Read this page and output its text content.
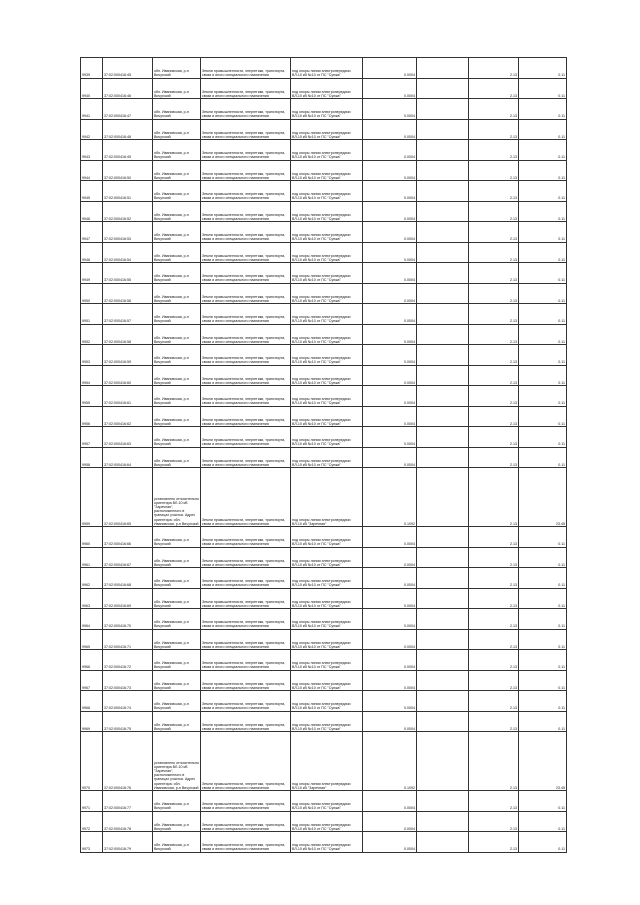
9939	37:02:000416:45	обл. Ивановская, р-н Вичугский	Земли промышленности, энергетики, транспорта, связи и иного специального назначения	под опоры линии электропередачи ВЛ-10 кВ №10 от ПС "Сунжа"	0.0004		2.13	0.11
9940	37:02:000416:46	обл. Ивановская, р-н Вичугский	Земли промышленности, энергетики, транспорта, связи и иного специального назначения	под опоры линии электропередачи ВЛ-10 кВ №10 от ПС "Сунжа"	0.0004		2.13	0.11
9941	37:02:000416:47	обл. Ивановская, р-н Вичугский	Земли промышленности, энергетики, транспорта, связи и иного специального назначения	под опоры линии электропередачи ВЛ-10 кВ №10 от ПС "Сунжа"	0.0004		2.13	0.11
9942	37:02:000416:48	обл. Ивановская, р-н Вичугский	Земли промышленности, энергетики, транспорта, связи и иного специального назначения	под опоры линии электропередачи ВЛ-10 кВ №10 от ПС "Сунжа"	0.0004		2.13	0.11
9943	37:02:000416:49	обл. Ивановская, р-н Вичугский	Земли промышленности, энергетики, транспорта, связи и иного специального назначения	под опоры линии электропередачи ВЛ-10 кВ №10 от ПС "Сунжа"	0.0004		2.13	0.11
9944	37:02:000416:50	обл. Ивановская, р-н Вичугский	Земли промышленности, энергетики, транспорта, связи и иного специального назначения	под опоры линии электропередачи ВЛ-10 кВ №10 от ПС "Сунжа"	0.0004		2.13	0.11
9945	37:02:000416:51	обл. Ивановская, р-н Вичугский	Земли промышленности, энергетики, транспорта, связи и иного специального назначения	под опоры линии электропередачи ВЛ-10 кВ №10 от ПС "Сунжа"	0.0004		2.13	0.11
9946	37:02:000416:52	обл. Ивановская, р-н Вичугский	Земли промышленности, энергетики, транспорта, связи и иного специального назначения	под опоры линии электропередачи ВЛ-10 кВ №10 от ПС "Сунжа"	0.0004		2.13	0.11
9947	37:02:000416:53	обл. Ивановская, р-н Вичугский	Земли промышленности, энергетики, транспорта, связи и иного специального назначения	под опоры линии электропередачи ВЛ-10 кВ №10 от ПС "Сунжа"	0.0004		2.13	0.11
9948	37:02:000416:54	обл. Ивановская, р-н Вичугский	Земли промышленности, энергетики, транспорта, связи и иного специального назначения	под опоры линии электропередачи ВЛ-10 кВ №10 от ПС "Сунжа"	0.0004		2.13	0.11
9949	37:02:000416:55	обл. Ивановская, р-н Вичугский	Земли промышленности, энергетики, транспорта, связи и иного специального назначения	под опоры линии электропередачи ВЛ-10 кВ №10 от ПС "Сунжа"	0.0004		2.13	0.11
9950	37:02:000416:56	обл. Ивановская, р-н Вичугский	Земли промышленности, энергетики, транспорта, связи и иного специального назначения	под опоры линии электропередачи ВЛ-10 кВ №10 от ПС "Сунжа"	0.0004		2.13	0.11
9951	37:02:000416:57	обл. Ивановская, р-н Вичугский	Земли промышленности, энергетики, транспорта, связи и иного специального назначения	под опоры линии электропередачи ВЛ-10 кВ №10 от ПС "Сунжа"	0.0004		2.13	0.11
9952	37:02:000416:58	обл. Ивановская, р-н Вичугский	Земли промышленности, энергетики, транспорта, связи и иного специального назначения	под опоры линии электропередачи ВЛ-10 кВ №10 от ПС "Сунжа"	0.0004		2.13	0.11
9953	37:02:000416:59	обл. Ивановская, р-н Вичугский	Земли промышленности, энергетики, транспорта, связи и иного специального назначения	под опоры линии электропередачи ВЛ-10 кВ №10 от ПС "Сунжа"	0.0004		2.13	0.11
9954	37:02:000416:60	обл. Ивановская, р-н Вичугский	Земли промышленности, энергетики, транспорта, связи и иного специального назначения	под опоры линии электропередачи ВЛ-10 кВ №10 от ПС "Сунжа"	0.0004		2.13	0.11
9955	37:02:000416:61	обл. Ивановская, р-н Вичугский	Земли промышленности, энергетики, транспорта, связи и иного специального назначения	под опоры линии электропередачи ВЛ-10 кВ №10 от ПС "Сунжа"	0.0004		2.13	0.11
9956	37:02:000416:62	обл. Ивановская, р-н Вичугский	Земли промышленности, энергетики, транспорта, связи и иного специального назначения	под опоры линии электропередачи ВЛ-10 кВ №10 от ПС "Сунжа"	0.0004		2.13	0.11
9957	37:02:000416:63	обл. Ивановская, р-н Вичугский	Земли промышленности, энергетики, транспорта, связи и иного специального назначения	под опоры линии электропередачи ВЛ-10 кВ №10 от ПС "Сунжа"	0.0004		2.13	0.11
9958	37:02:000416:64	обл. Ивановская, р-н Вичугский	Земли промышленности, энергетики, транспорта, связи и иного специального назначения	под опоры линии электропередачи ВЛ-10 кВ №10 от ПС "Сунжа"	0.0004		2.13	0.11
9959	37:02:000416:65	установлено относительно ориентира ВЛ-10 кВ "Заречная", расположенного в границах участка. Адрес ориентира: обл. Ивановская, р-н Вичугский	Земли промышленности, энергетики, транспорта, связи и иного специального назначения	под опоры линии электропередачи ВЛ-10 кВ "Заречная"	0.1092		2.13	23.45
9960	37:02:000416:66	обл. Ивановская, р-н Вичугский	Земли промышленности, энергетики, транспорта, связи и иного специального назначения	под опоры линии электропередачи ВЛ-10 кВ №10 от ПС "Сунжа"	0.0004		2.13	0.11
9961	37:02:000416:67	обл. Ивановская, р-н Вичугский	Земли промышленности, энергетики, транспорта, связи и иного специального назначения	под опоры линии электропередачи ВЛ-10 кВ №10 от ПС "Сунжа"	0.0004		2.13	0.11
9962	37:02:000416:68	обл. Ивановская, р-н Вичугский	Земли промышленности, энергетики, транспорта, связи и иного специального назначения	под опоры линии электропередачи ВЛ-10 кВ №10 от ПС "Сунжа"	0.0004		2.13	0.11
9963	37:02:000416:69	обл. Ивановская, р-н Вичугский	Земли промышленности, энергетики, транспорта, связи и иного специального назначения	под опоры линии электропередачи ВЛ-10 кВ №10 от ПС "Сунжа"	0.0004		2.13	0.11
9964	37:02:000416:70	обл. Ивановская, р-н Вичугский	Земли промышленности, энергетики, транспорта, связи и иного специального назначения	под опоры линии электропередачи ВЛ-10 кВ №10 от ПС "Сунжа"	0.0004		2.13	0.11
9965	37:02:000416:71	обл. Ивановская, р-н Вичугский	Земли промышленности, энергетики, транспорта, связи и иного специального назначения	под опоры линии электропередачи ВЛ-10 кВ №10 от ПС "Сунжа"	0.0004		2.13	0.11
9966	37:02:000416:72	обл. Ивановская, р-н Вичугский	Земли промышленности, энергетики, транспорта, связи и иного специального назначения	под опоры линии электропередачи ВЛ-10 кВ №10 от ПС "Сунжа"	0.0004		2.13	0.11
9967	37:02:000416:73	обл. Ивановская, р-н Вичугский	Земли промышленности, энергетики, транспорта, связи и иного специального назначения	под опоры линии электропередачи ВЛ-10 кВ №10 от ПС "Сунжа"	0.0004		2.13	0.11
9968	37:02:000416:74	обл. Ивановская, р-н Вичугский	Земли промышленности, энергетики, транспорта, связи и иного специального назначения	под опоры линии электропередачи ВЛ-10 кВ №10 от ПС "Сунжа"	0.0004		2.13	0.11
9969	37:02:000416:75	обл. Ивановская, р-н Вичугский	Земли промышленности, энергетики, транспорта, связи и иного специального назначения	под опоры линии электропередачи ВЛ-10 кВ №10 от ПС "Сунжа"	0.0004		2.13	0.11
9970	37:02:000416:76	установлено относительно ориентира ВЛ-10 кВ "Заречная", расположенного в границах участка. Адрес ориентира: обл. Ивановская, р-н Вичугский	Земли промышленности, энергетики, транспорта, связи и иного специального назначения	под опоры линии электропередачи ВЛ-10 кВ "Заречная"	0.1092		2.13	23.45
9971	37:02:000416:77	обл. Ивановская, р-н Вичугский	Земли промышленности, энергетики, транспорта, связи и иного специального назначения	под опоры линии электропередачи ВЛ-10 кВ №10 от ПС "Сунжа"	0.0004		2.13	0.11
9972	37:02:000416:78	обл. Ивановская, р-н Вичугский	Земли промышленности, энергетики, транспорта, связи и иного специального назначения	под опоры линии электропередачи ВЛ-10 кВ №10 от ПС "Сунжа"	0.0004		2.13	0.11
9973	37:02:000416:79	обл. Ивановская, р-н Вичугский	Земли промышленности, энергетики, транспорта, связи и иного специального назначения	под опоры линии электропередачи ВЛ-10 кВ №10 от ПС "Сунжа"	0.0004		2.13	0.11
